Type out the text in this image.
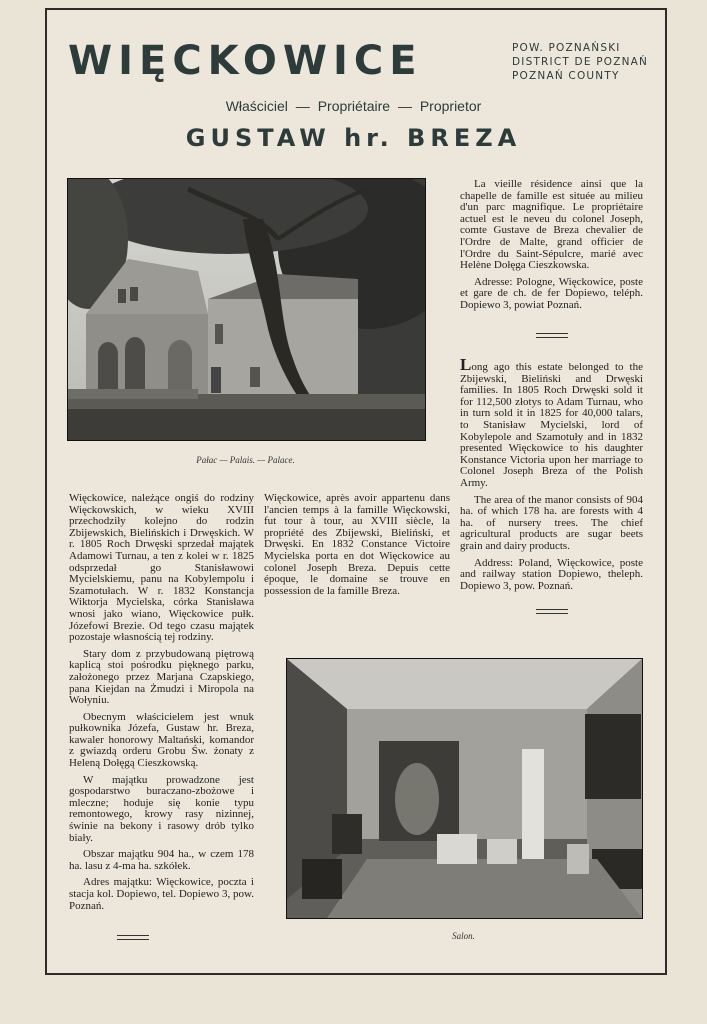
WIĘCKOWICE	POW. POZNAŃSKI
DISTRICT DE POZNAŃ
POZNAŃ COUNTY
Właściciel — Propriétaire — Proprietor
GUSTAW hr. BREZA
Pałac — Palais. — Palace.

La vieille résidence ainsi que la chapelle de famille est située au milieu d'un parc magnifique. Le propriétaire actuel est le neveu du colonel Joseph, comte Gustave de Breza chevalier de l'Ordre de Malte, grand officier de l'Ordre du Saint-Sépulcre, marié avec Helène Dołęga Cieszkowska.

Adresse: Pologne, Więckowice, poste et gare de ch. de fer Dopiewo, teléph. Dopiewo 3, powiat Poznań.

Long ago this estate belonged to the Zbijewski, Bieliński and Drwęski families. In 1805 Roch Drwęski sold it for 112,500 złotys to Adam Turnau, who in turn sold it in 1825 for 40,000 talars, to Stanisław Mycielski, lord of Kobylepole and Szamotuły and in 1832 presented Więckowice to his daughter Konstance Victoria upon her marriage to Colonel Joseph Breza of the Polish Army.

The area of the manor consists of 904 ha. of which 178 ha. are forests with 4 ha. of nursery trees. The chief agricultural products are sugar beets grain and dairy products.

Address: Poland, Więckowice, poste and railway station Dopiewo, theleph. Dopiewo 3, pow. Poznań.

Więckowice, należące ongiś do rodziny Więckowskich, w wieku XVIII przechodziły kolejno do rodzin Zbijewskich, Bielińskich i Drwęskich. W r. 1805 Roch Drwęski sprzedał majątek Adamowi Turnau, a ten z kolei w r. 1825 odsprzedał go Stanisławowi Mycielskiemu, panu na Kobylempolu i Szamotułach. W r. 1832 Konstancja Wiktorja Mycielska, córka Stanisława wnosi jako wiano, Więckowice pułk. Józefowi Brezie. Od tego czasu majątek pozostaje własnością tej rodziny.

Stary dom z przybudowaną piętrową kaplicą stoi pośrodku pięknego parku, założonego przez Marjana Czapskiego, pana Kiejdan na Żmudzi i Miropola na Wołyniu.

Obecnym właścicielem jest wnuk pułkownika Józefa, Gustaw hr. Breza, kawaler honorowy Maltański, komandor z gwiazdą orderu Grobu Św. żonaty z Heleną Dołęgą Cieszkowską.

W majątku prowadzone jest gospodarstwo buraczano-zbożowe i mleczne; hoduje się konie typu remontowego, krowy rasy nizinnej, świnie na bekony i rasowy drób tylko biały.

Obszar majątku 904 ha., w czem 178 ha. lasu z 4-ma ha. szkółek.

Adres majątku: Więckowice, poczta i stacja kol. Dopiewo, tel. Dopiewo 3, pow. Poznań.

Więckowice, après avoir appartenu dans l'ancien temps à la famille Więckowski, fut tour à tour, au XVIII siècle, la propriété des Zbijewski, Bieliński, et Drwęski. En 1832 Constance Victoire Mycielska porta en dot Więckowice au colonel Joseph Breza. Depuis cette époque, le domaine se trouve en possession de la famille Breza.

Salon.
